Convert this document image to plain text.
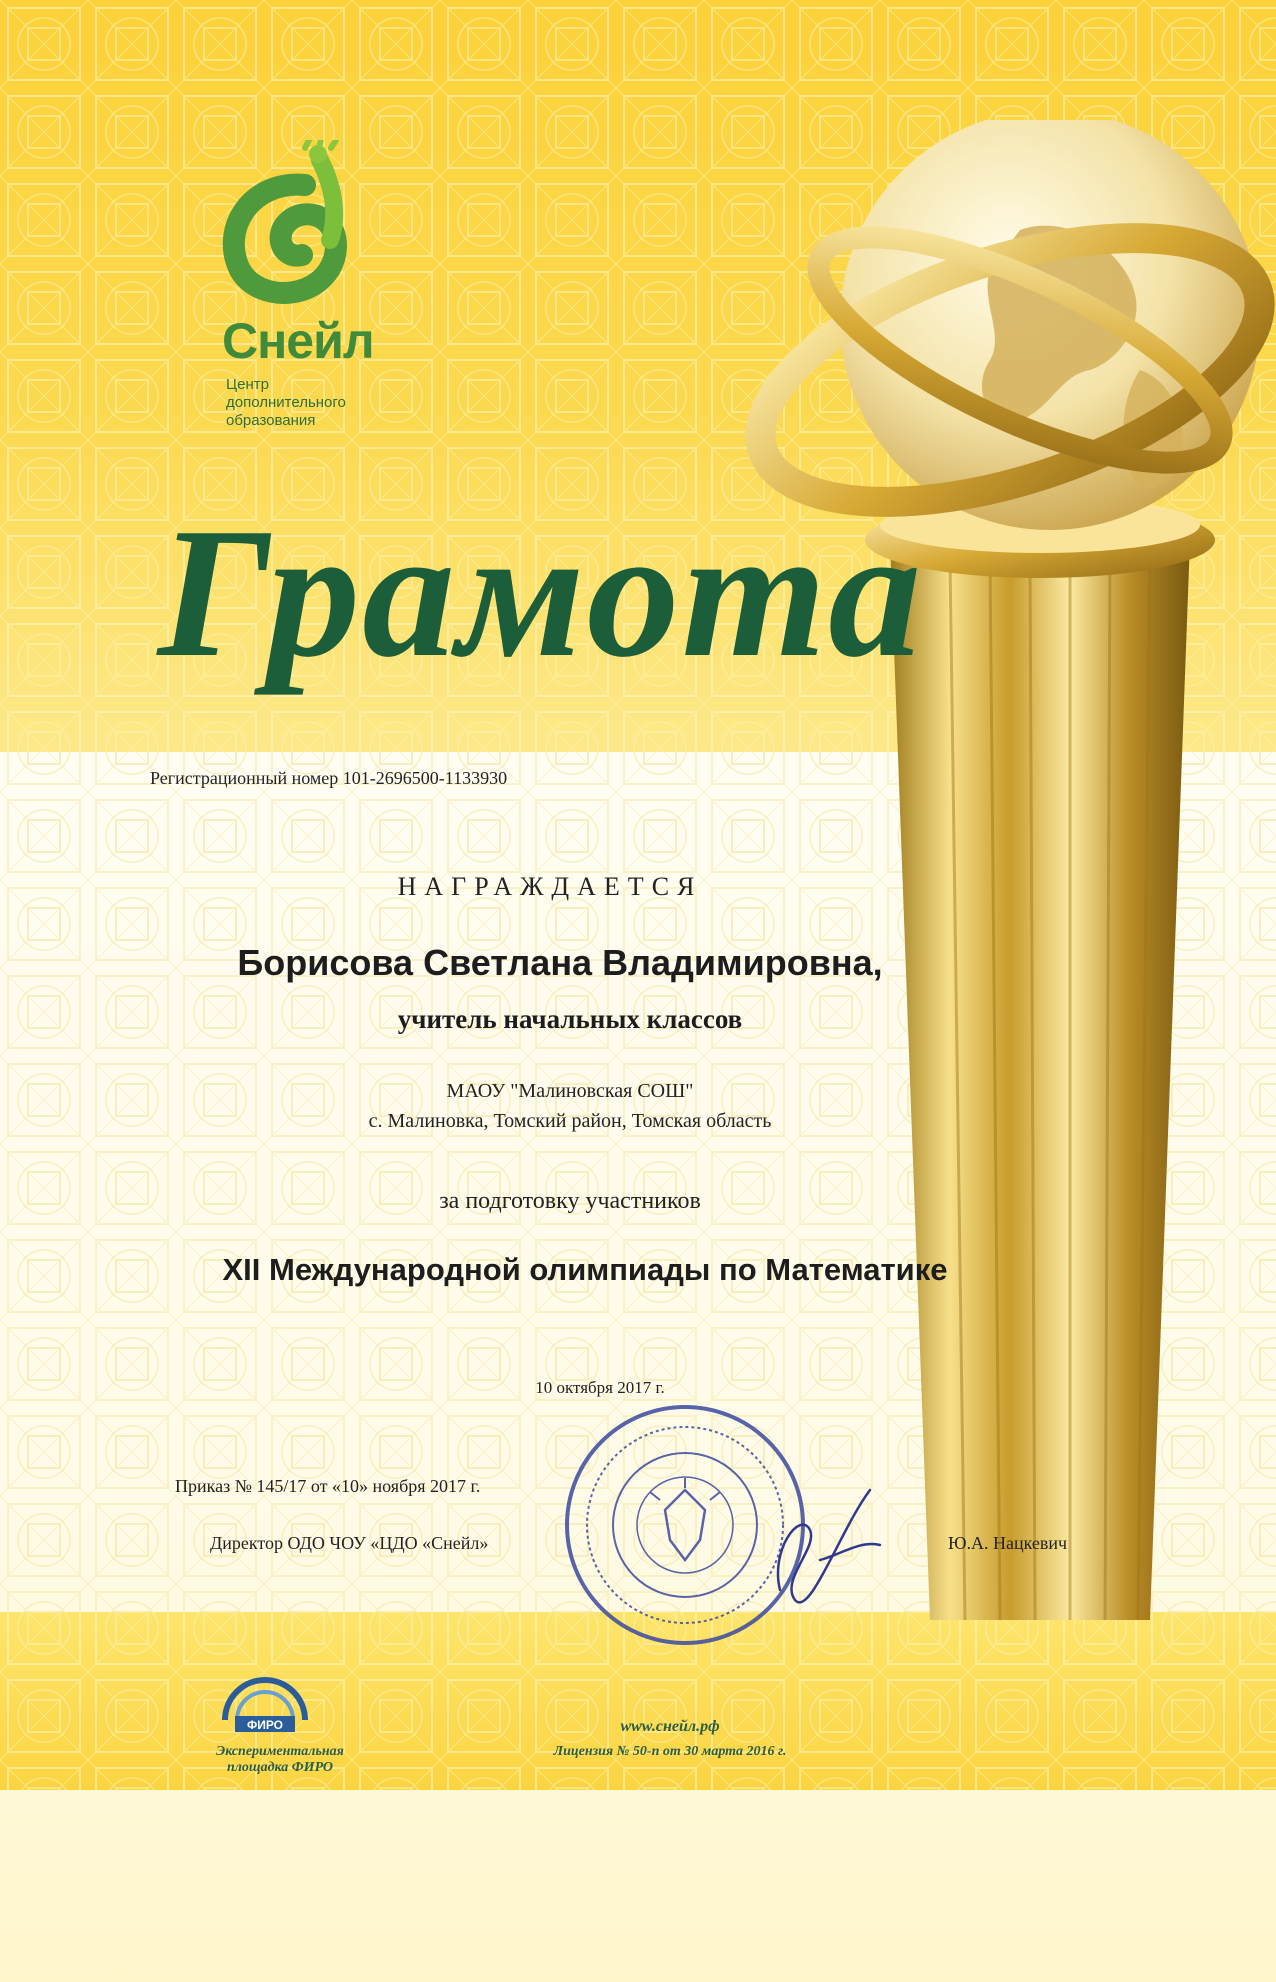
Снейл
Центр
дополнительного
образования
Грамота
Регистрационный номер 101-2696500-1133930
НАГРАЖДАЕТСЯ
Борисова Светлана Владимировна,
учитель начальных классов
МАОУ "Малиновская СОШ"
с. Малиновка, Томский район, Томская область
за подготовку участников
XII Международной олимпиады по Математике
10 октября 2017 г.
Приказ № 145/17 от «10» ноября 2017 г.
Директор ОДО ЧОУ «ЦДО «Снейл»	Ю.А. Нацкевич
ФИРО
Экспериментальная
площадка ФИРО
www.снейл.рф
Лицензия № 50-п от 30 марта 2016 г.
